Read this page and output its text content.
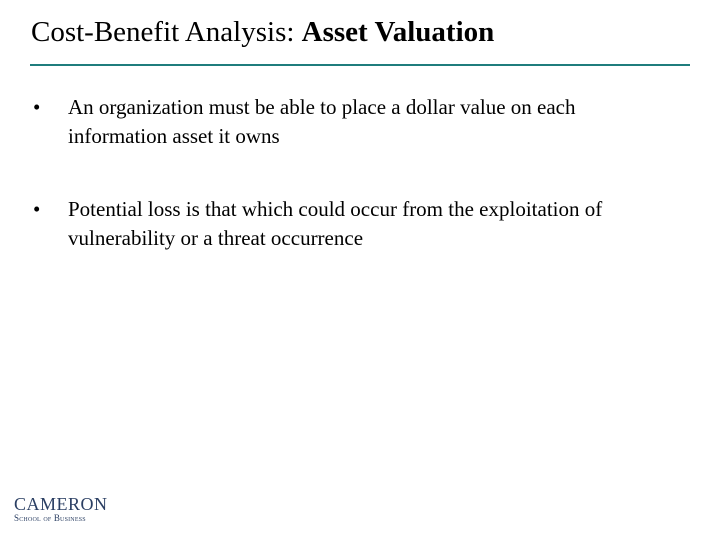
Cost-Benefit Analysis: Asset Valuation
• An organization must be able to place a dollar value on each information asset it owns
• Potential loss is that which could occur from the exploitation of vulnerability or a threat occurrence
CAMERON
School of Business
